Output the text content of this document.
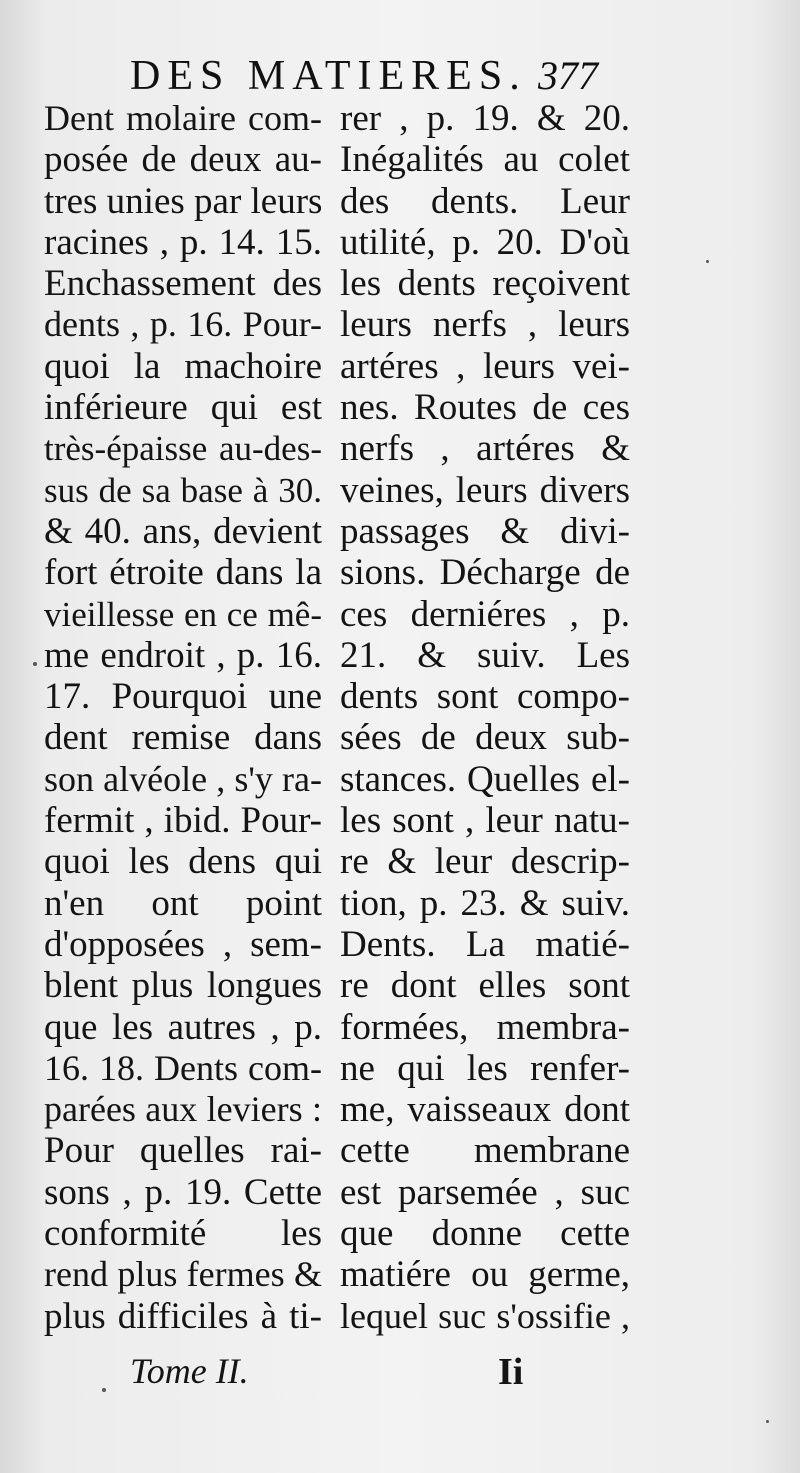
DES MATIERES. 377
Dent molaire com-
posée de deux au-
tres unies par leurs
racines , p. 14. 15.
Enchassement des
dents , p. 16. Pour-
quoi la machoire
inférieure qui est
très-épaisse au-des-
sus de sa base à 30.
& 40. ans, devient
fort étroite dans la
vieillesse en ce mê-
me endroit , p. 16.
17. Pourquoi une
dent remise dans
son alvéole , s'y ra-
fermit , ibid. Pour-
quoi les dens qui
n'en ont point
d'opposées , sem-
blent plus longues
que les autres , p.
16. 18. Dents com-
parées aux leviers :
Pour quelles rai-
sons , p. 19. Cette
conformité les
rend plus fermes &
plus difficiles à ti-
rer , p. 19. & 20.
Inégalités au colet
des dents. Leur
utilité, p. 20. D'où
les dents reçoivent
leurs nerfs , leurs
artéres , leurs vei-
nes. Routes de ces
nerfs , artéres &
veines, leurs divers
passages & divi-
sions. Décharge de
ces derniéres , p.
21. & suiv. Les
dents sont compo-
sées de deux sub-
stances. Quelles el-
les sont , leur natu-
re & leur descrip-
tion, p. 23. & suiv.
Dents. La matié-
re dont elles sont
formées, membra-
ne qui les renfer-
me, vaisseaux dont
cette membrane
est parsemée , suc
que donne cette
matiére ou germe,
lequel suc s'ossifie ,
Tome II.	Ii
